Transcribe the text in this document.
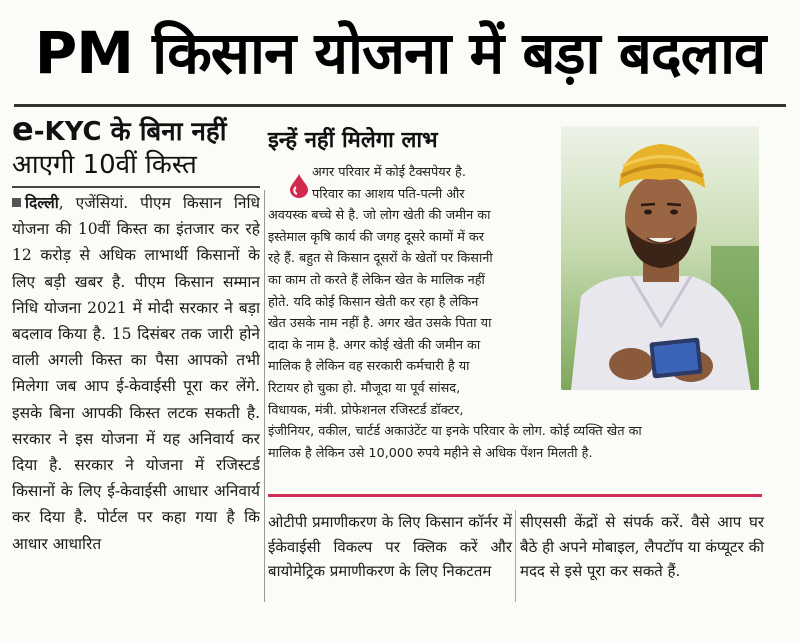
PM किसान योजना में बड़ा बदलाव
e-KYC के बिना नहीं
आएगी 10वीं किस्त
दिल्ली, एजेंसियां. पीएम किसान निधि योजना की 10वीं किस्त का इंतजार कर रहे 12 करोड़ से अधिक लाभार्थी किसानों के लिए बड़ी खबर है. पीएम किसान सम्मान निधि योजना 2021 में मोदी सरकार ने बड़ा बदलाव किया है. 15 दिसंबर तक जारी होने वाली अगली किस्त का पैसा आपको तभी मिलेगा जब आप ई-केवाईसी पूरा कर लेंगे. इसके बिना आपकी किस्त लटक सकती है. सरकार ने इस योजना में यह अनिवार्य कर दिया है. सरकार ने योजना में रजिस्टर्ड किसानों के लिए ई-केवाईसी आधार अनिवार्य कर दिया है. पोर्टल पर कहा गया है कि आधार आधारित
इन्हें नहीं मिलेगा लाभ
अगर परिवार में कोई टैक्सपेयर है.
परिवार का आशय पति-पत्नी और
अवयस्क बच्चे से है. जो लोग खेती की जमीन का
इस्तेमाल कृषि कार्य की जगह दूसरे कामों में कर
रहे हैं. बहुत से किसान दूसरों के खेतों पर किसानी
का काम तो करते हैं लेकिन खेत के मालिक नहीं
होते. यदि कोई किसान खेती कर रहा है लेकिन
खेत उसके नाम नहीं है. अगर खेत उसके पिता या
दादा के नाम है. अगर कोई खेती की जमीन का
मालिक है लेकिन वह सरकारी कर्मचारी है या
रिटायर हो चुका हो. मौजूदा या पूर्व सांसद,
विधायक, मंत्री. प्रोफेशनल रजिस्टर्ड डॉक्टर,
इंजीनियर, वकील, चार्टर्ड अकाउंटेंट या इनके परिवार के लोग. कोई व्यक्ति खेत का
मालिक है लेकिन उसे 10,000 रुपये महीने से अधिक पेंशन मिलती है.
ओटीपी प्रमाणीकरण के लिए किसान कॉर्नर में ईकेवाईसी विकल्प पर क्लिक करें और बायोमेट्रिक प्रमाणीकरण के लिए निकटतम
सीएससी केंद्रों से संपर्क करें. वैसे आप घर बैठे ही अपने मोबाइल, लैपटॉप या कंप्यूटर की मदद से इसे पूरा कर सकते हैं.
